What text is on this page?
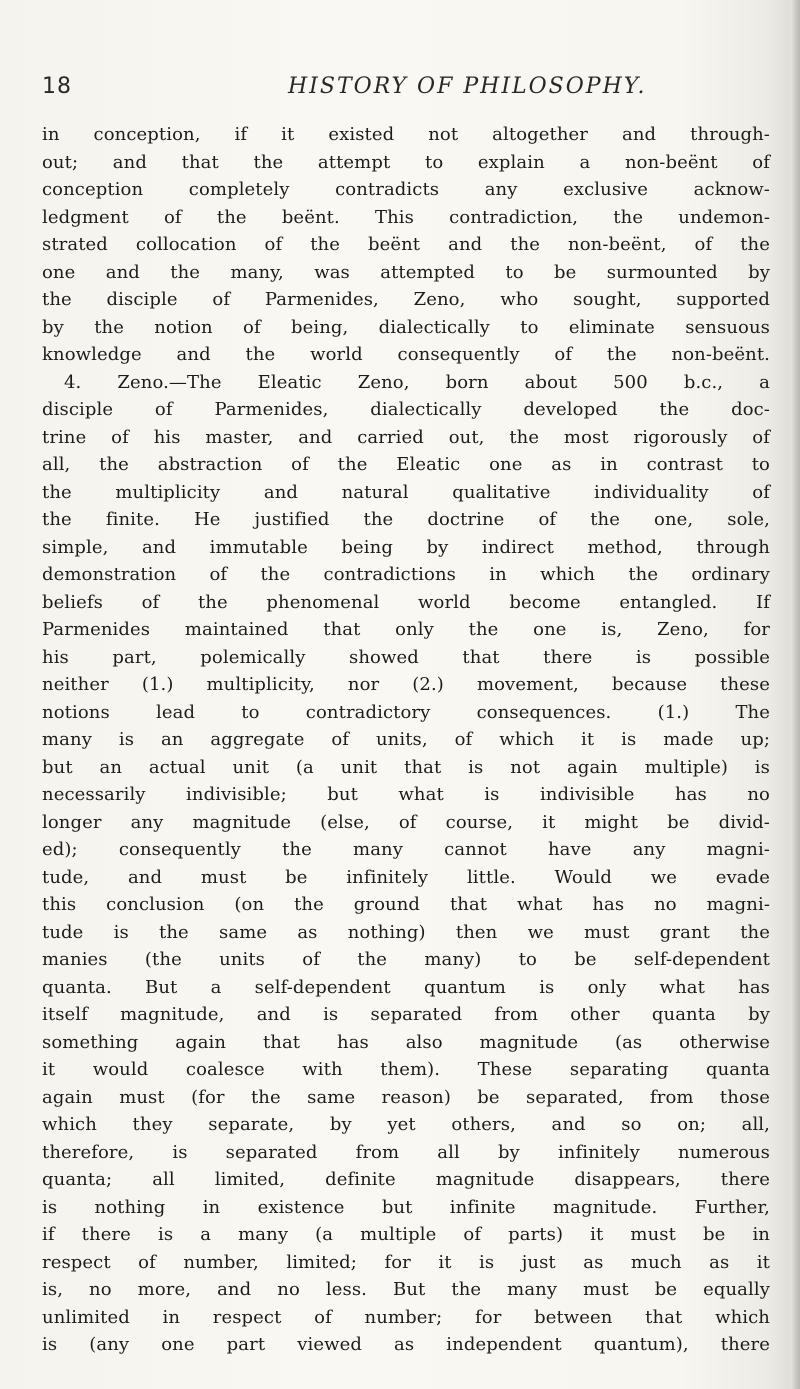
18	HISTORY OF PHILOSOPHY.
in conception, if it existed not altogether and through-
out; and that the attempt to explain a non-beënt of
conception completely contradicts any exclusive acknow-
ledgment of the beënt. This contradiction, the undemon-
strated collocation of the beënt and the non-beënt, of the
one and the many, was attempted to be surmounted by
the disciple of Parmenides, Zeno, who sought, supported
by the notion of being, dialectically to eliminate sensuous
knowledge and the world consequently of the non-beënt.
4. Zeno.—The Eleatic Zeno, born about 500 b.c., a
disciple of Parmenides, dialectically developed the doc-
trine of his master, and carried out, the most rigorously of
all, the abstraction of the Eleatic one as in contrast to
the multiplicity and natural qualitative individuality of
the finite. He justified the doctrine of the one, sole,
simple, and immutable being by indirect method, through
demonstration of the contradictions in which the ordinary
beliefs of the phenomenal world become entangled. If
Parmenides maintained that only the one is, Zeno, for
his part, polemically showed that there is possible
neither (1.) multiplicity, nor (2.) movement, because these
notions lead to contradictory consequences. (1.) The
many is an aggregate of units, of which it is made up;
but an actual unit (a unit that is not again multiple) is
necessarily indivisible; but what is indivisible has no
longer any magnitude (else, of course, it might be divid-
ed); consequently the many cannot have any magni-
tude, and must be infinitely little. Would we evade
this conclusion (on the ground that what has no magni-
tude is the same as nothing) then we must grant the
manies (the units of the many) to be self-dependent
quanta. But a self-dependent quantum is only what has
itself magnitude, and is separated from other quanta by
something again that has also magnitude (as otherwise
it would coalesce with them). These separating quanta
again must (for the same reason) be separated, from those
which they separate, by yet others, and so on; all,
therefore, is separated from all by infinitely numerous
quanta; all limited, definite magnitude disappears, there
is nothing in existence but infinite magnitude. Further,
if there is a many (a multiple of parts) it must be in
respect of number, limited; for it is just as much as it
is, no more, and no less. But the many must be equally
unlimited in respect of number; for between that which
is (any one part viewed as independent quantum), there
